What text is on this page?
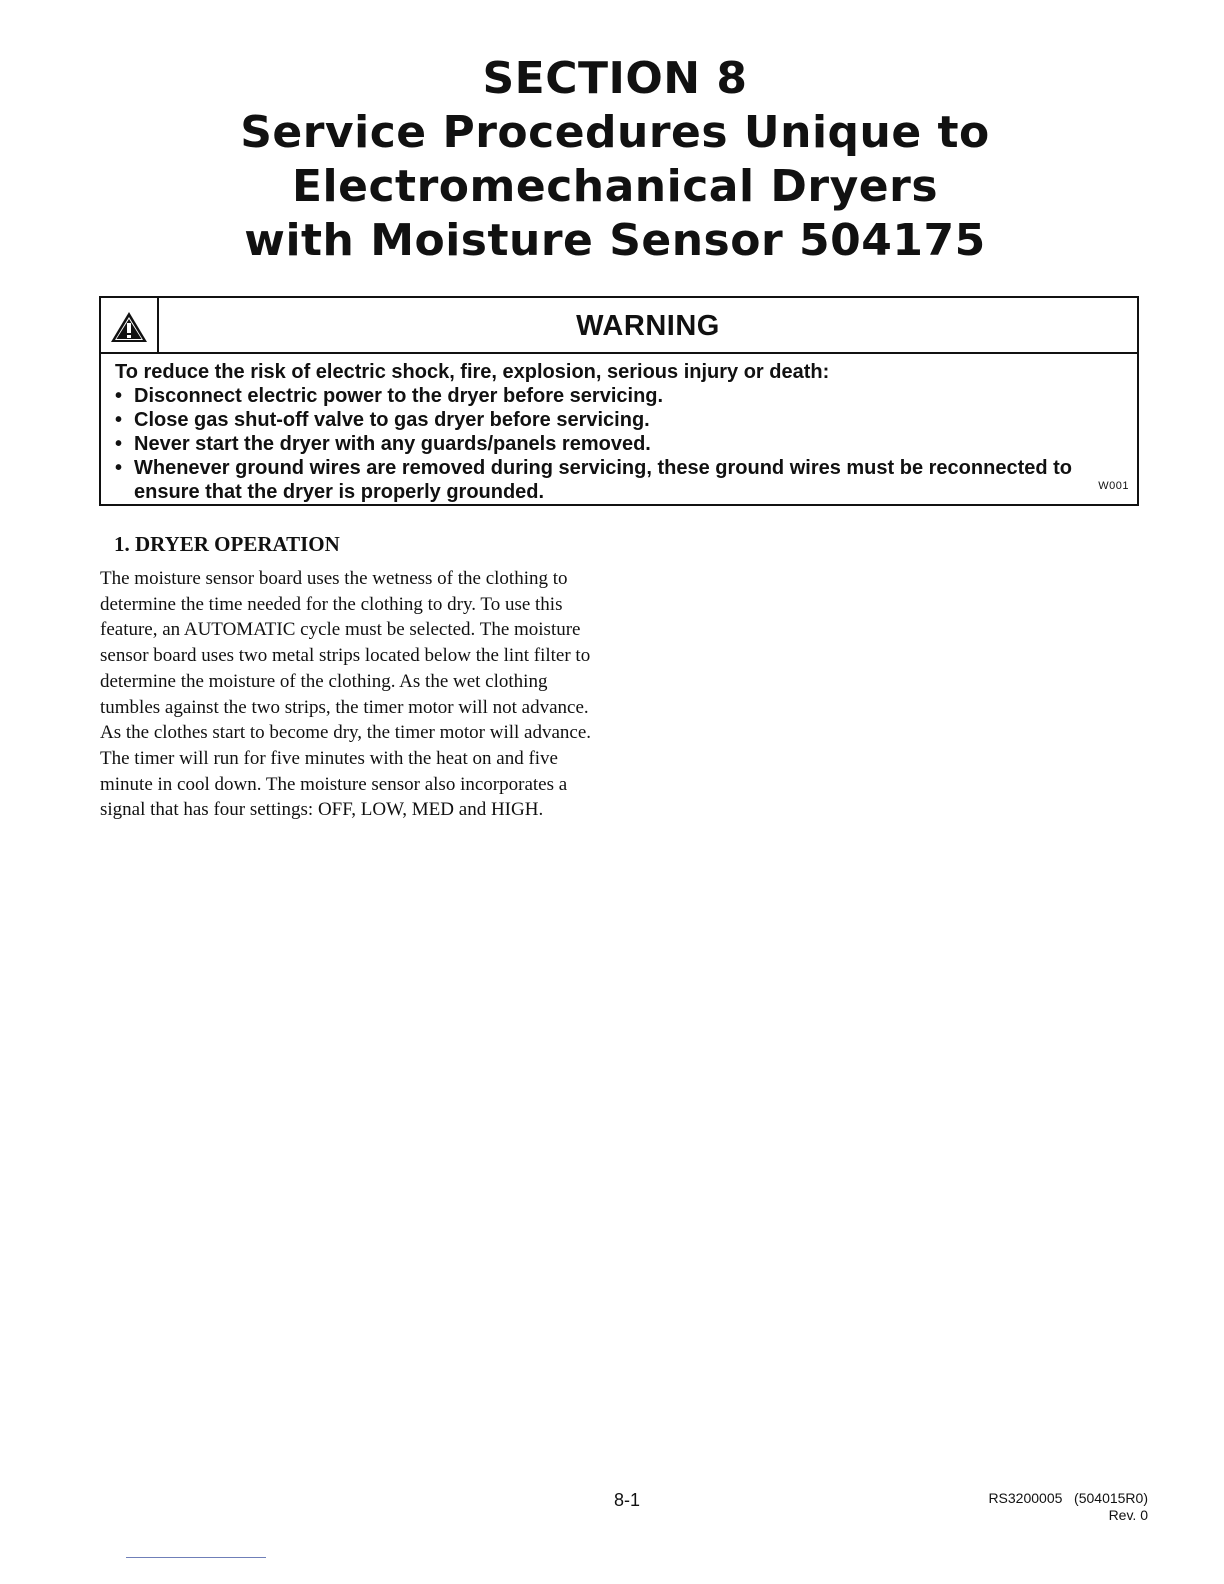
SECTION 8
Service Procedures Unique to
Electromechanical Dryers
with Moisture Sensor 504175
WARNING
To reduce the risk of electric shock, fire, explosion, serious injury or death:
• Disconnect electric power to the dryer before servicing.
• Close gas shut-off valve to gas dryer before servicing.
• Never start the dryer with any guards/panels removed.
• Whenever ground wires are removed during servicing, these ground wires must be reconnected to ensure that the dryer is properly grounded.	W001
1. DRYER OPERATION
The moisture sensor board uses the wetness of the clothing to determine the time needed for the clothing to dry. To use this feature, an AUTOMATIC cycle must be selected. The moisture sensor board uses two metal strips located below the lint filter to determine the moisture of the clothing. As the wet clothing tumbles against the two strips, the timer motor will not advance. As the clothes start to become dry, the timer motor will advance. The timer will run for five minutes with the heat on and five minute in cool down. The moisture sensor also incorporates a signal that has four settings: OFF, LOW, MED and HIGH.
8-1	RS3200005   (504015R0)
Rev. 0
